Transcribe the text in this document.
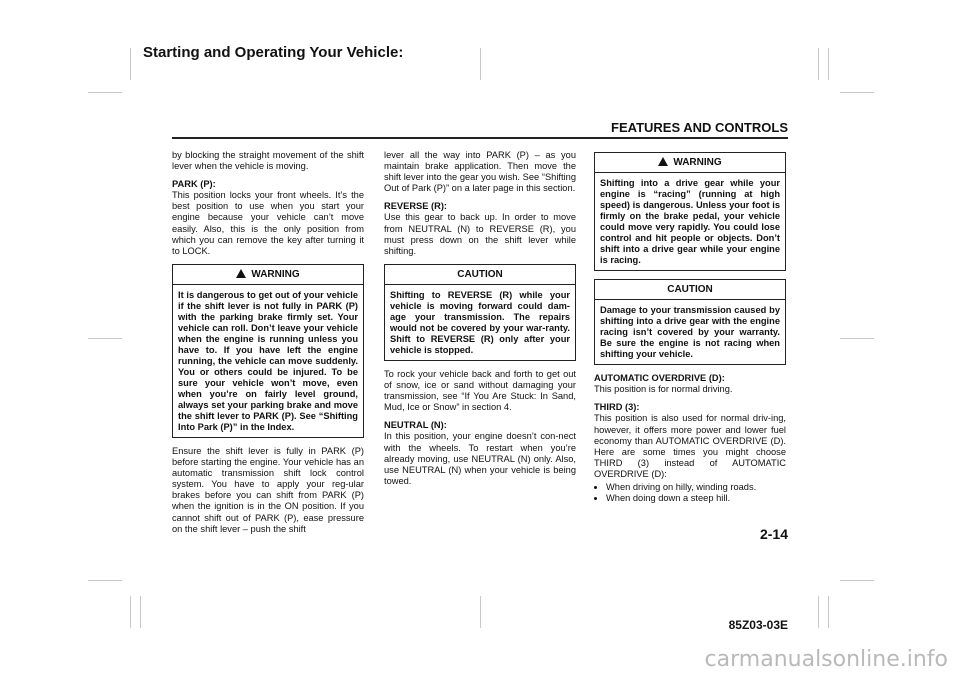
Starting and Operating Your Vehicle:
FEATURES AND CONTROLS

by blocking the straight movement of the shift lever when the vehicle is moving.

PARK (P):
This position locks your front wheels. It’s the best position to use when you start your engine because your vehicle can’t move easily. Also, this is the only position from which you can remove the key after turning it to LOCK.

WARNING
It is dangerous to get out of your vehicle if the shift lever is not fully in PARK (P) with the parking brake firmly set. Your vehicle can roll. Don’t leave your vehicle when the engine is running unless you have to. If you have left the engine running, the vehicle can move suddenly. You or others could be injured. To be sure your vehicle won’t move, even when you’re on fairly level ground, always set your parking brake and move the shift lever to PARK (P). See “Shifting Into Park (P)” in the Index.

Ensure the shift lever is fully in PARK (P) before starting the engine. Your vehicle has an automatic transmission shift lock control system. You have to apply your reg-ular brakes before you can shift from PARK (P) when the ignition is in the ON position. If you cannot shift out of PARK (P), ease pressure on the shift lever – push the shift

lever all the way into PARK (P) – as you maintain brake application. Then move the shift lever into the gear you wish. See “Shifting Out of Park (P)” on a later page in this section.

REVERSE (R):
Use this gear to back up. In order to move from NEUTRAL (N) to REVERSE (R), you must press down on the shift lever while shifting.

CAUTION
Shifting to REVERSE (R) while your vehicle is moving forward could dam-age your transmission. The repairs would not be covered by your war-ranty. Shift to REVERSE (R) only after your vehicle is stopped.

To rock your vehicle back and forth to get out of snow, ice or sand without damaging your transmission, see “If You Are Stuck: In Sand, Mud, Ice or Snow” in section 4.

NEUTRAL (N):
In this position, your engine doesn’t con-nect with the wheels. To restart when you’re already moving, use NEUTRAL (N) only. Also, use NEUTRAL (N) when your vehicle is being towed.

WARNING
Shifting into a drive gear while your engine is “racing” (running at high speed) is dangerous. Unless your foot is firmly on the brake pedal, your vehicle could move very rapidly. You could lose control and hit people or objects. Don’t shift into a drive gear while your engine is racing.
CAUTION
Damage to your transmission caused by shifting into a drive gear with the engine racing isn’t covered by your warranty. Be sure the engine is not racing when shifting your vehicle.

AUTOMATIC OVERDRIVE (D):
This position is for normal driving.

THIRD (3):
This position is also used for normal driv-ing, however, it offers more power and lower fuel economy than AUTOMATIC OVERDRIVE (D). Here are some times you might choose THIRD (3) instead of AUTOMATIC OVERDRIVE (D):

• When driving on hilly, winding roads.
• When doing down a steep hill.
2-14
85Z03-03E
carmanualsonline.info
